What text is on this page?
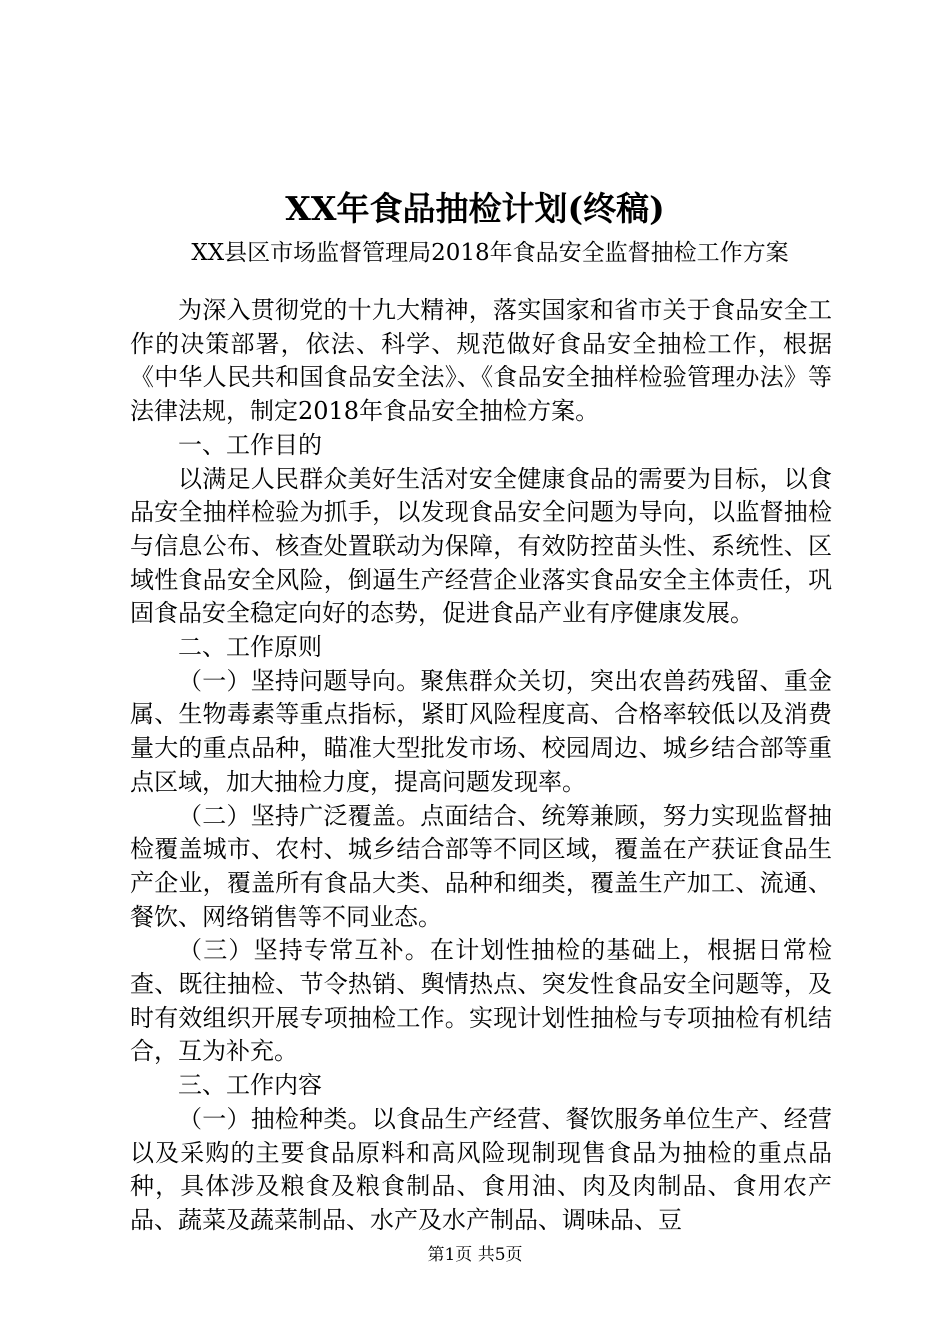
XX年食品抽检计划(终稿)
XX县区市场监督管理局2018年食品安全监督抽检工作方案

为深入贯彻党的十九大精神，落实国家和省市关于食品安全工作的决策部署，依法、科学、规范做好食品安全抽检工作，根据《中华人民共和国食品安全法》、《食品安全抽样检验管理办法》等法律法规，制定2018年食品安全抽检方案。

一、工作目的

以满足人民群众美好生活对安全健康食品的需要为目标，以食品安全抽样检验为抓手，以发现食品安全问题为导向，以监督抽检与信息公布、核查处置联动为保障，有效防控苗头性、系统性、区域性食品安全风险，倒逼生产经营企业落实食品安全主体责任，巩固食品安全稳定向好的态势，促进食品产业有序健康发展。

二、工作原则

（一）坚持问题导向。聚焦群众关切，突出农兽药残留、重金属、生物毒素等重点指标，紧盯风险程度高、合格率较低以及消费量大的重点品种，瞄准大型批发市场、校园周边、城乡结合部等重点区域，加大抽检力度，提高问题发现率。

（二）坚持广泛覆盖。点面结合、统筹兼顾，努力实现监督抽检覆盖城市、农村、城乡结合部等不同区域，覆盖在产获证食品生产企业，覆盖所有食品大类、品种和细类，覆盖生产加工、流通、餐饮、网络销售等不同业态。

（三）坚持专常互补。在计划性抽检的基础上，根据日常检查、既往抽检、节令热销、舆情热点、突发性食品安全问题等，及时有效组织开展专项抽检工作。实现计划性抽检与专项抽检有机结合，互为补充。

三、工作内容

（一）抽检种类。以食品生产经营、餐饮服务单位生产、经营以及采购的主要食品原料和高风险现制现售食品为抽检的重点品种，具体涉及粮食及粮食制品、食用油、肉及肉制品、食用农产品、蔬菜及蔬菜制品、水产及水产制品、调味品、豆

第1页 共5页
